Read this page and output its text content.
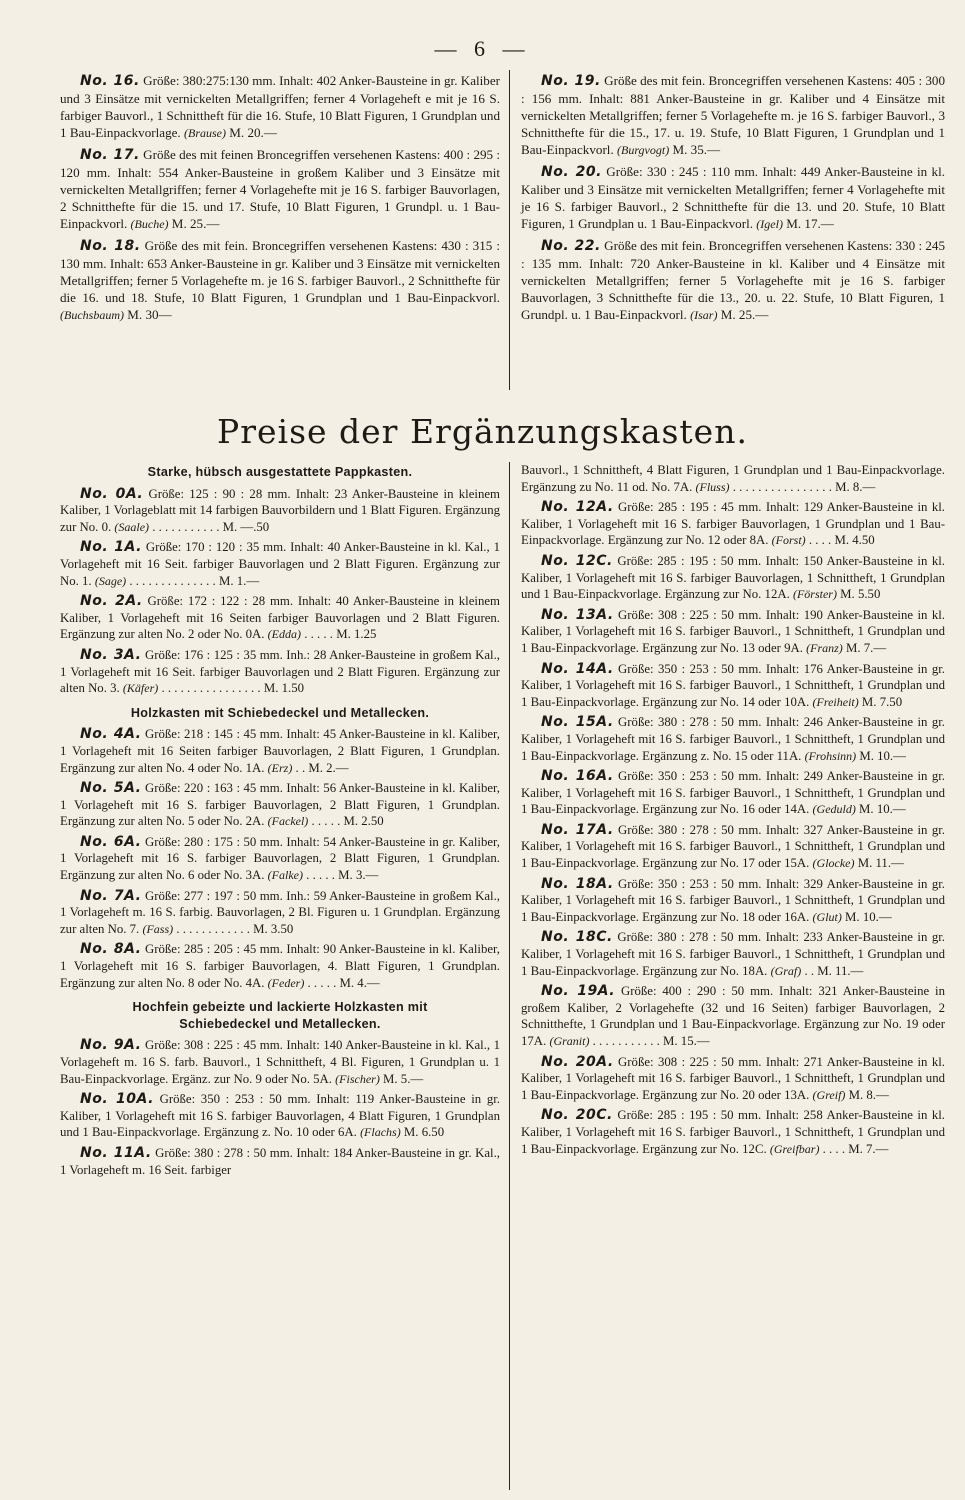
— 6 —

No. 16. Größe: 380:275:130 mm. Inhalt: 402 Anker-Bausteine in gr. Kaliber und 3 Einsätze mit vernickelten Metallgriffen; ferner 4 Vorlageheft e mit je 16 S. farbiger Bauvorl., 1 Schnittheft für die 16. Stufe, 10 Blatt Figuren, 1 Grundplan und 1 Bau-Einpackvorlage. (Brause) M. 20.—

No. 17. Größe des mit feinen Broncegriffen versehenen Kastens: 400 : 295 : 120 mm. Inhalt: 554 Anker-Bausteine in großem Kaliber und 3 Einsätze mit vernickelten Metallgriffen; ferner 4 Vorlagehefte mit je 16 S. farbiger Bauvorlagen, 2 Schnitthefte für die 15. und 17. Stufe, 10 Blatt Figuren, 1 Grundpl. u. 1 Bau-Einpackvorl. (Buche) M. 25.—

No. 18. Größe des mit fein. Broncegriffen versehenen Kastens: 430 : 315 : 130 mm. Inhalt: 653 Anker-Bausteine in gr. Kaliber und 3 Einsätze mit vernickelten Metallgriffen; ferner 5 Vorlagehefte m. je 16 S. farbiger Bauvorl., 2 Schnitthefte für die 16. und 18. Stufe, 10 Blatt Figuren, 1 Grundplan und 1 Bau-Einpackvorl. (Buchsbaum) M. 30—

No. 19. Größe des mit fein. Broncegriffen versehenen Kastens: 405 : 300 : 156 mm. Inhalt: 881 Anker-Bausteine in gr. Kaliber und 4 Einsätze mit vernickelten Metallgriffen; ferner 5 Vorlagehefte m. je 16 S. farbiger Bauvorl., 3 Schnitthefte für die 15., 17. u. 19. Stufe, 10 Blatt Figuren, 1 Grundplan und 1 Bau-Einpackvorl. (Burgvogt) M. 35.—

No. 20. Größe: 330 : 245 : 110 mm. Inhalt: 449 Anker-Bausteine in kl. Kaliber und 3 Einsätze mit vernickelten Metallgriffen; ferner 4 Vorlagehefte mit je 16 S. farbiger Bauvorl., 2 Schnitthefte für die 13. und 20. Stufe, 10 Blatt Figuren, 1 Grundplan u. 1 Bau-Einpackvorl. (Igel) M. 17.—

No. 22. Größe des mit fein. Broncegriffen versehenen Kastens: 330 : 245 : 135 mm. Inhalt: 720 Anker-Bausteine in kl. Kaliber und 4 Einsätze mit vernickelten Metallgriffen; ferner 5 Vorlagehefte mit je 16 S. farbiger Bauvorlagen, 3 Schnitthefte für die 13., 20. u. 22. Stufe, 10 Blatt Figuren, 1 Grundpl. u. 1 Bau-Einpackvorl. (Isar) M. 25.—

Preise der Ergänzungskasten.
Starke, hübsch ausgestattete Pappkasten.

No. 0A. Größe: 125 : 90 : 28 mm. Inhalt: 23 Anker-Bausteine in kleinem Kaliber, 1 Vorlageblatt mit 14 farbigen Bauvorbildern und 1 Blatt Figuren. Ergänzung zur No. 0. (Saale) . . . . . . . . . . . M. —.50

No. 1A. Größe: 170 : 120 : 35 mm. Inhalt: 40 Anker-Bausteine in kl. Kal., 1 Vorlageheft mit 16 Seit. farbiger Bauvorlagen und 2 Blatt Figuren. Ergänzung zur No. 1. (Sage) . . . . . . . . . . . . . . M. 1.—

No. 2A. Größe: 172 : 122 : 28 mm. Inhalt: 40 Anker-Bausteine in kleinem Kaliber, 1 Vorlageheft mit 16 Seiten farbiger Bauvorlagen und 2 Blatt Figuren. Ergänzung zur alten No. 2 oder No. 0A. (Edda) . . . . . M. 1.25

No. 3A. Größe: 176 : 125 : 35 mm. Inh.: 28 Anker-Bausteine in großem Kal., 1 Vorlageheft mit 16 Seit. farbiger Bauvorlagen und 2 Blatt Figuren. Ergänzung zur alten No. 3. (Käfer) . . . . . . . . . . . . . . . . M. 1.50

Holzkasten mit Schiebedeckel und Metallecken.

No. 4A. Größe: 218 : 145 : 45 mm. Inhalt: 45 Anker-Bausteine in kl. Kaliber, 1 Vorlageheft mit 16 Seiten farbiger Bauvorlagen, 2 Blatt Figuren, 1 Grundplan. Ergänzung zur alten No. 4 oder No. 1A. (Erz) . . M. 2.—

No. 5A. Größe: 220 : 163 : 45 mm. Inhalt: 56 Anker-Bausteine in kl. Kaliber, 1 Vorlageheft mit 16 S. farbiger Bauvorlagen, 2 Blatt Figuren, 1 Grundplan. Ergänzung zur alten No. 5 oder No. 2A. (Fackel) . . . . . M. 2.50

No. 6A. Größe: 280 : 175 : 50 mm. Inhalt: 54 Anker-Bausteine in gr. Kaliber, 1 Vorlageheft mit 16 S. farbiger Bauvorlagen, 2 Blatt Figuren, 1 Grundplan. Ergänzung zur alten No. 6 oder No. 3A. (Falke) . . . . . M. 3.—

No. 7A. Größe: 277 : 197 : 50 mm. Inh.: 59 Anker-Bausteine in großem Kal., 1 Vorlageheft m. 16 S. farbig. Bauvorlagen, 2 Bl. Figuren u. 1 Grundplan. Ergänzung zur alten No. 7. (Fass) . . . . . . . . . . . . M. 3.50

No. 8A. Größe: 285 : 205 : 45 mm. Inhalt: 90 Anker-Bausteine in kl. Kaliber, 1 Vorlageheft mit 16 S. farbiger Bauvorlagen, 4. Blatt Figuren, 1 Grundplan. Ergänzung zur alten No. 8 oder No. 4A. (Feder) . . . . . M. 4.—

Hochfein gebeizte und lackierte Holzkasten mit Schiebedeckel und Metallecken.

No. 9A. Größe: 308 : 225 : 45 mm. Inhalt: 140 Anker-Bausteine in kl. Kal., 1 Vorlageheft m. 16 S. farb. Bauvorl., 1 Schnittheft, 4 Bl. Figuren, 1 Grundplan u. 1 Bau-Einpackvorlage. Ergänz. zur No. 9 oder No. 5A. (Fischer) M. 5.—

No. 10A. Größe: 350 : 253 : 50 mm. Inhalt: 119 Anker-Bausteine in gr. Kaliber, 1 Vorlageheft mit 16 S. farbiger Bauvorlagen, 4 Blatt Figuren, 1 Grundplan und 1 Bau-Einpackvorlage. Ergänzung z. No. 10 oder 6A. (Flachs) M. 6.50

No. 11A. Größe: 380 : 278 : 50 mm. Inhalt: 184 Anker-Bausteine in gr. Kal., 1 Vorlageheft m. 16 Seit. farbiger

Bauvorl., 1 Schnittheft, 4 Blatt Figuren, 1 Grundplan und 1 Bau-Einpackvorlage. Ergänzung zu No. 11 od. No. 7A. (Fluss) . . . . . . . . . . . . . . . . M. 8.—

No. 12A. Größe: 285 : 195 : 45 mm. Inhalt: 129 Anker-Bausteine in kl. Kaliber, 1 Vorlageheft mit 16 S. farbiger Bauvorlagen, 1 Grundplan und 1 Bau-Einpackvorlage. Ergänzung zur No. 12 oder 8A. (Forst) . . . . M. 4.50

No. 12C. Größe: 285 : 195 : 50 mm. Inhalt: 150 Anker-Bausteine in kl. Kaliber, 1 Vorlageheft mit 16 S. farbiger Bauvorlagen, 1 Schnittheft, 1 Grundplan und 1 Bau-Einpackvorlage. Ergänzung zur No. 12A. (Förster) M. 5.50

No. 13A. Größe: 308 : 225 : 50 mm. Inhalt: 190 Anker-Bausteine in kl. Kaliber, 1 Vorlageheft mit 16 S. farbiger Bauvorl., 1 Schnittheft, 1 Grundplan und 1 Bau-Einpackvorlage. Ergänzung zur No. 13 oder 9A. (Franz) M. 7.—

No. 14A. Größe: 350 : 253 : 50 mm. Inhalt: 176 Anker-Bausteine in gr. Kaliber, 1 Vorlageheft mit 16 S. farbiger Bauvorl., 1 Schnittheft, 1 Grundplan und 1 Bau-Einpackvorlage. Ergänzung zur No. 14 oder 10A. (Freiheit) M. 7.50

No. 15A. Größe: 380 : 278 : 50 mm. Inhalt: 246 Anker-Bausteine in gr. Kaliber, 1 Vorlageheft mit 16 S. farbiger Bauvorl., 1 Schnittheft, 1 Grundplan und 1 Bau-Einpackvorlage. Ergänzung z. No. 15 oder 11A. (Frohsinn) M. 10.—

No. 16A. Größe: 350 : 253 : 50 mm. Inhalt: 249 Anker-Bausteine in gr. Kaliber, 1 Vorlageheft mit 16 S. farbiger Bauvorl., 1 Schnittheft, 1 Grundplan und 1 Bau-Einpackvorlage. Ergänzung zur No. 16 oder 14A. (Geduld) M. 10.—

No. 17A. Größe: 380 : 278 : 50 mm. Inhalt: 327 Anker-Bausteine in gr. Kaliber, 1 Vorlageheft mit 16 S. farbiger Bauvorl., 1 Schnittheft, 1 Grundplan und 1 Bau-Einpackvorlage. Ergänzung zur No. 17 oder 15A. (Glocke) M. 11.—

No. 18A. Größe: 350 : 253 : 50 mm. Inhalt: 329 Anker-Bausteine in gr. Kaliber, 1 Vorlageheft mit 16 S. farbiger Bauvorl., 1 Schnittheft, 1 Grundplan und 1 Bau-Einpackvorlage. Ergänzung zur No. 18 oder 16A. (Glut) M. 10.—

No. 18C. Größe: 380 : 278 : 50 mm. Inhalt: 233 Anker-Bausteine in gr. Kaliber, 1 Vorlageheft mit 16 S. farbiger Bauvorl., 1 Schnittheft, 1 Grundplan und 1 Bau-Einpackvorlage. Ergänzung zur No. 18A. (Graf) . . M. 11.—

No. 19A. Größe: 400 : 290 : 50 mm. Inhalt: 321 Anker-Bausteine in großem Kaliber, 2 Vorlagehefte (32 und 16 Seiten) farbiger Bauvorlagen, 2 Schnitthefte, 1 Grundplan und 1 Bau-Einpackvorlage. Ergänzung zur No. 19 oder 17A. (Granit) . . . . . . . . . . . M. 15.—

No. 20A. Größe: 308 : 225 : 50 mm. Inhalt: 271 Anker-Bausteine in kl. Kaliber, 1 Vorlageheft mit 16 S. farbiger Bauvorl., 1 Schnittheft, 1 Grundplan und 1 Bau-Einpackvorlage. Ergänzung zur No. 20 oder 13A. (Greif) M. 8.—

No. 20C. Größe: 285 : 195 : 50 mm. Inhalt: 258 Anker-Bausteine in kl. Kaliber, 1 Vorlageheft mit 16 S. farbiger Bauvorl., 1 Schnittheft, 1 Grundplan und 1 Bau-Einpackvorlage. Ergänzung zur No. 12C. (Greifbar) . . . . M. 7.—
